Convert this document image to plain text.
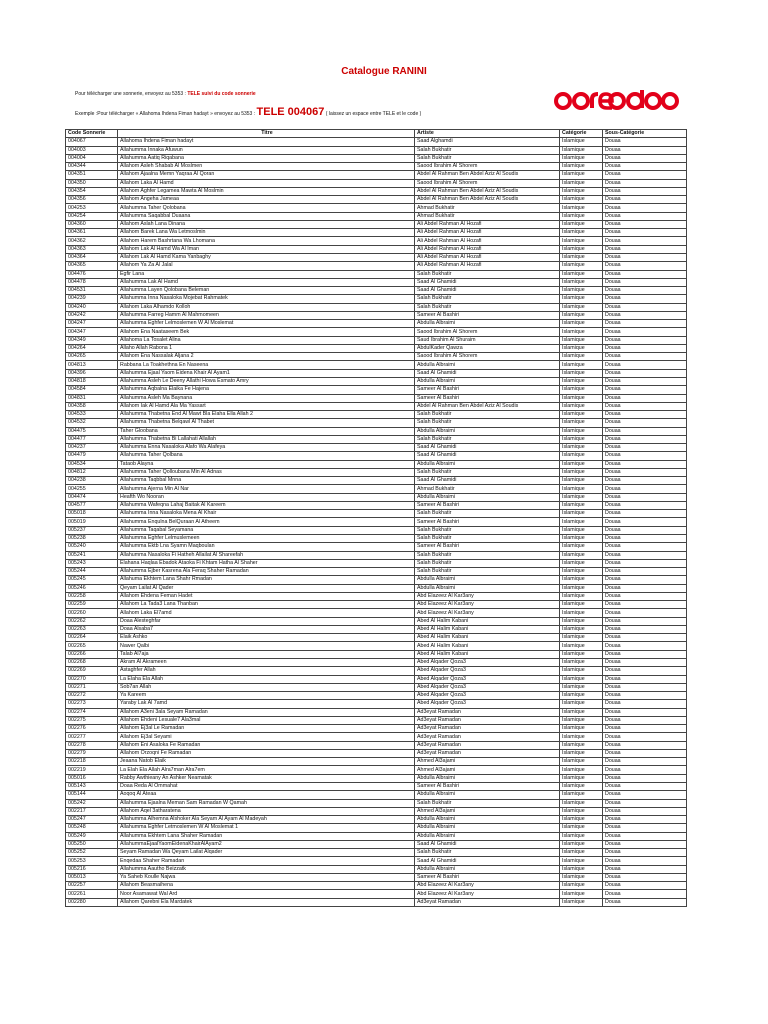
Catalogue RANINI
Pour télécharger une sonnerie, envoyez au 5353 : TELE suivi du code sonnerie
Exemple :Pour télécharger « Allahoma Ihdena Fiman hadayt » envoyez au 5353 : TELE 004067 ( laissez un espace entre TELE et le code )
Code Sonnerie	Titre	Artiste	Catégorie	Sous-Catégorie
004067	Allahoma Ihdena Fiman hadayt	Saad Alghamdi	Islamique	Douaa
004003	Allahumma Innaka Afuwun	Salah Bukhatir	Islamique	Douaa
004004	Allahumma Aatiq Riqabana	Salah Bukhatir	Islamique	Douaa
004344	Allahom Asleh Shabab Al Moslmen	Saood Ibrahim Al Shorem	Islamique	Douaa
004351	Allahom Ajaalna Memn Yaqraa Al Qoran	Abdel Al Rahman Ben Abdel Aziz Al Soudis	Islamique	Douaa
004350	Allahom Laka Al Hamd	Saood Ibrahim Al Shorem	Islamique	Douaa
004354	Allahom Aghfer Legamea Mawta Al Moslmin	Abdel Al Rahman Ben Abdel Aziz Al Soudis	Islamique	Douaa
004356	Allahom Angeha Jameaa	Abdel Al Rahman Ben Abdel Aziz Al Soudis	Islamique	Douaa
004253	Allahumma Taher Qolobana	Ahmad Bukhatir	Islamique	Douaa
004254	Allahumma Saqabbal Duaana	Ahmad Bukhatir	Islamique	Douaa
004360	Allahom Aslah Lana Dinana	Ali Abdel Rahman Al Hozafi	Islamique	Douaa
004361	Allahom Barek Lana Wa Letmoslmin	Ali Abdel Rahman Al Hozafi	Islamique	Douaa
004362	Allahom Harem Bashrtana Wa Lhomana	Ali Abdel Rahman Al Hozafi	Islamique	Douaa
004363	Allahom Lak Al Hamd Wa Al Iman	Ali Abdel Rahman Al Hozafi	Islamique	Douaa
004364	Allahom Lak Al Hamd Kama Yanbaghy	Ali Abdel Rahman Al Hozafi	Islamique	Douaa
004365	Allahom Ya Za Al Jalal	Ali Abdel Rahman Al Hozafi	Islamique	Douaa
004476	Egfir Lana	Salah Bukhatir	Islamique	Douaa
004478	Allahumma Lak Al Hamd	Saad Al Ghamidi	Islamique	Douaa
004531	Allahumma Layen Qolobana Beleman	Saad Al Ghamidi	Islamique	Douaa
004239	Allahumma Inna Nasaloka Mojebat Rahmatek	Salah Bukhatir	Islamique	Douaa
004240	Allahom Laka Alhamdo Kolloh	Salah Bukhatir	Islamique	Douaa
004242	Allahumma Farreg Hamm Al Mahmomeen	Sameer Al Bashiri	Islamique	Douaa
004247	Allahumma Eghfer Lelmoslemen W Al Moslemat	Abdulla Albraimi	Islamique	Douaa
004347	Allahom Ena Naataseem Bek	Saood Ibrahim Al Shorem	Islamique	Douaa
004349	Allahoma La Tosalet Alina	Saud Ibrahim Al Shuraim	Islamique	Douaa
004264	Allaho Allah Rabona 1	AbdulKader Qawza	Islamique	Douaa
004265	Allahom Ena Nassalak Aljana 2	Saood Ibrahim Al Shorem	Islamique	Douaa
004813	Rabbana La Toakhethna En Naseena	Abdulla Albraimi	Islamique	Douaa
004396	Allahumma Ejaal Yaom Eidena Khair Al Ayam1	Saad Al Ghamidi	Islamique	Douaa
004818	Allahumma Asleh Le Deeny Allathi Howa Esmato Amry	Abdulla Albraimi	Islamique	Douaa
004584	Allahumma Aqbalna Elaika Fe Hajena	Sameer Al Bashiri	Islamique	Douaa
004831	Allahumma Asleh Ma Baynana	Sameer Al Bashiri	Islamique	Douaa
004358	Allahom Iak Al Hamd Ala Ma Yassart	Abdel Al Rahman Ben Abdel Aziz Al Soudis	Islamique	Douaa
004533	Allahumma Thabetna End Al Mawt Bla Elaha Ella Allah 2	Salah Bukhatir	Islamique	Douaa
004532	Allahumma Thabetna Belqawl Al Thabet	Salah Bukhatir	Islamique	Douaa
004475	Taher Gloobana	Abdulla Albraimi	Islamique	Douaa
004477	Allahumma Thabetna Bi Lallahati Allallah	Salah Bukhatir	Islamique	Douaa
004237	Allahumma Enna Nasaloka Alafo Wa Alafeya	Saad Al Ghamidi	Islamique	Douaa
004479	Allahumma Taher Qolbana	Saad Al Ghamidi	Islamique	Douaa
004534	Tataob Alayna	Abdulla Albraimi	Islamique	Douaa
004812	Allahumma Taher Qolloubana Min Al Adnas	Salah Bukhatir	Islamique	Douaa
004238	Allahumma Taqbbal Mnna	Saad Al Ghamidi	Islamique	Douaa
004255	Allahumma Ajerna Min Al Nar	Ahmad Bukhatir	Islamique	Douaa
004474	Heafth Wo Nooran	Abdulla Albraimi	Islamique	Douaa
004577	Allahumma Wafeqna Lahaj Baitak Al Kareem	Sameer Al Bashiri	Islamique	Douaa
005018	Allahumma Inna Nasaloka Mena Al Khair	Salah Bukhatir	Islamique	Douaa
005019	Allahumma Enqulna BelQuraan Al Atheem	Sameer Al Bashiri	Islamique	Douaa
005237	Allahumma Taqabal Seyamana	Salah Bukhatir	Islamique	Douaa
005238	Allahumma Eghfer Lelmuslemeen	Salah Bukhatir	Islamique	Douaa
005240	Allahumma Ektb Lna Syamn Maqboulan	Sameer Al Bashiri	Islamique	Douaa
005241	Allahumma Nasaloka Fi Hatheh Allailat Al Shareefah	Salah Bukhatir	Islamique	Douaa
005243	Elahana Haqlaa Ebadok Ataoka Fi Khtam Hatha Al Shaher	Salah Bukhatir	Islamique	Douaa
005244	Allahumma Ejber Kasrena Ala Feraq Shaher Ramadan	Salah Bukhatir	Islamique	Douaa
005245	Allahuma Ekhtem Lana Shahr Rmadan	Abdulla Albraimi	Islamique	Douaa
005246	Qeyam Lailat Al Qader	Abdulla Albraimi	Islamique	Douaa
002258	Allahom Ehdena Feman Hadet	Abd Elazeez Al Kar3any	Islamique	Douaa
002259	Allahom La Tada3 Lana Thanban	Abd Elazeez Al Kar3any	Islamique	Douaa
002260	Allahom Laka El7amd	Abd Elazeez Al Kar3any	Islamique	Douaa
002262	Doaa Alesteghfar	Abed Al Halim Kabani	Islamique	Douaa
002263	Doaa Alsaba7	Abed Al Halim Kabani	Islamique	Douaa
002264	Elaik Ashko	Abed Al Halim Kabani	Islamique	Douaa
002265	Nawer Qalbi	Abed Al Halim Kabani	Islamique	Douaa
002266	Talab Al7aja	Abed Al Halim Kabani	Islamique	Douaa
002268	Akram Al Akrameen	Abed Alqader Qoza3	Islamique	Douaa
002269	Astaghfer Allah	Abed Alqader Qoza3	Islamique	Douaa
002270	La Elaha Ela Allah	Abed Alqader Qoza3	Islamique	Douaa
002271	Sob7an Allah	Abed Alqader Qoza3	Islamique	Douaa
002272	Ya Kareem	Abed Alqader Qoza3	Islamique	Douaa
002273	Yaraby Lak Al 7amd	Abed Alqader Qoza3	Islamique	Douaa
002274	Allahom A3eni 3ala Seyam Ramadan	Ad3eyat Ramadan	Islamique	Douaa
002275	Allahom Ehdeni Lesuale7 Ala3mal	Ad3eyat Ramadan	Islamique	Douaa
002276	Allahom Ej3al Le Ramadan	Ad3eyat Ramadan	Islamique	Douaa
002277	Allahom Ej3al Seyami	Ad3eyat Ramadan	Islamique	Douaa
002278	Allahom Eni Asaloka Fe Ramadan	Ad3eyat Ramadan	Islamique	Douaa
002279	Allahom Orzoqni Fe Ramadan	Ad3eyat Ramadan	Islamique	Douaa
002218	Jeaana Natob Elaik	Ahmed Al3ajami	Islamique	Douaa
002219	La Elah Ela Allah Alra7man Alra7em	Ahmed Al3ajami	Islamique	Douaa
005016	Rabby Awthieany An Ashker Neamatak	Abdulla Albraimi	Islamique	Douaa
005143	Doaa Reda Al Ommahat	Sameer Al Bashiri	Islamique	Douaa
005144	Aoqoq Al Ateaa	Abdulla Albraimi	Islamique	Douaa
005242	Allahumma Ejaalna Meman Sam Ramadan W Qamah	Salah Bukhatir	Islamique	Douaa
002217	Allahom Aqel 3atharatena	Ahmed Al3ajami	Islamique	Douaa
005247	Allahumma Alhemna Alshoker Ala Seyam Al Ayam Al Madeyah	Abdulla Albraimi	Islamique	Douaa
005248	Allahumma Eghfer Letmoslemen W Al Moslemat 1	Abdulla Albraimi	Islamique	Douaa
005249	Allahumma Ekhtem Lana Shaher Ramadan	Abdulla Albraimi	Islamique	Douaa
005250	AllahummaEjaalYaomEidenaKhairAlAyam2	Saad Al Ghamidi	Islamique	Douaa
005252	Seyam Ramadan Wa Qeyam Lailat Alqader	Salah Bukhatir	Islamique	Douaa
005253	Enqedaa Shaher Ramadan	Saad Al Ghamidi	Islamique	Douaa
005216	Allahumma Aautho Beizzatk	Abdulla Albraimi	Islamique	Douaa
005013	Ya Saheb Koulle Najwa	Sameer Al Bashiri	Islamique	Douaa
002257	Allahom Beasmaihena	Abd Elazeez Al Kar3any	Islamique	Douaa
002261	Noor Asamawat Wal Ard	Abd Elazeez Al Kar3any	Islamique	Douaa
002280	Allahom Qarebni Ela Mardatek	Ad3eyat Ramadan	Islamique	Douaa
